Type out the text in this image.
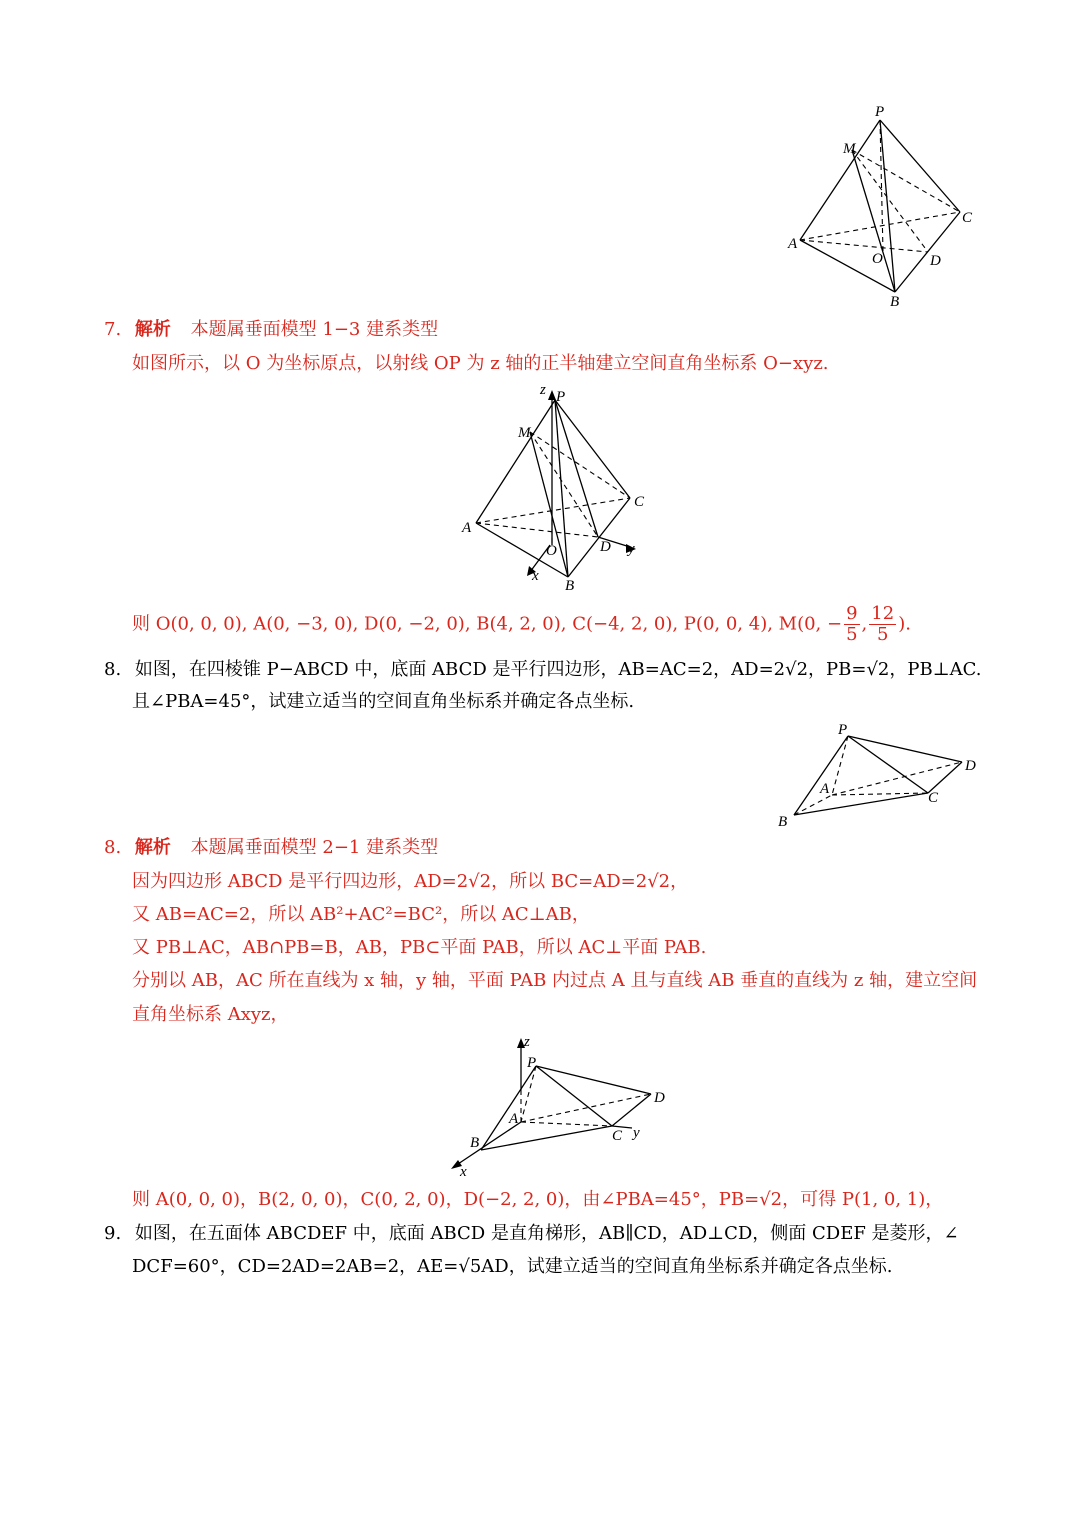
P
M
C
A
O	D
B
7. 解析 本题属垂面模型 1−3 建系类型
如图所示，以 O 为坐标原点，以射线 OP 为 z 轴的正半轴建立空间直角坐标系 O−xyz.
z P
M
C
A
O	D y
x
B
则 O(0, 0, 0), A(0, −3, 0), D(0, −2, 0), B(4, 2, 0), C(−4, 2, 0), P(0, 0, 4), M(0, − $\frac{9}{5}$ , $\frac{12}{5}$ ).
8. 如图，在四棱锥 P−ABCD 中，底面 ABCD 是平行四边形，AB=AC=2，AD=2√2，PB=√2，PB⊥AC.
且∠PBA=45°，试建立适当的空间直角坐标系并确定各点坐标.
P
D
A
C
B
8. 解析 本题属垂面模型 2−1 建系类型
因为四边形 ABCD 是平行四边形，AD=2√2，所以 BC=AD=2√2，
又 AB=AC=2，所以 AB²+AC²=BC²，所以 AC⊥AB，
又 PB⊥AC，AB∩PB=B，AB，PB⊂平面 PAB，所以 AC⊥平面 PAB.
分别以 AB，AC 所在直线为 x 轴，y 轴，平面 PAB 内过点 A 且与直线 AB 垂直的直线为 z 轴，建立空间
直角坐标系 Axyz，
z
P
D
A
C y
B
x
则 A(0, 0, 0)，B(2, 0, 0)，C(0, 2, 0)，D(−2, 2, 0)，由∠PBA=45°，PB=√2，可得 P(1, 0, 1)，
9. 如图，在五面体 ABCDEF 中，底面 ABCD 是直角梯形，AB∥CD，AD⊥CD，侧面 CDEF 是菱形，∠
DCF=60°，CD=2AD=2AB=2，AE=√5AD，试建立适当的空间直角坐标系并确定各点坐标.
